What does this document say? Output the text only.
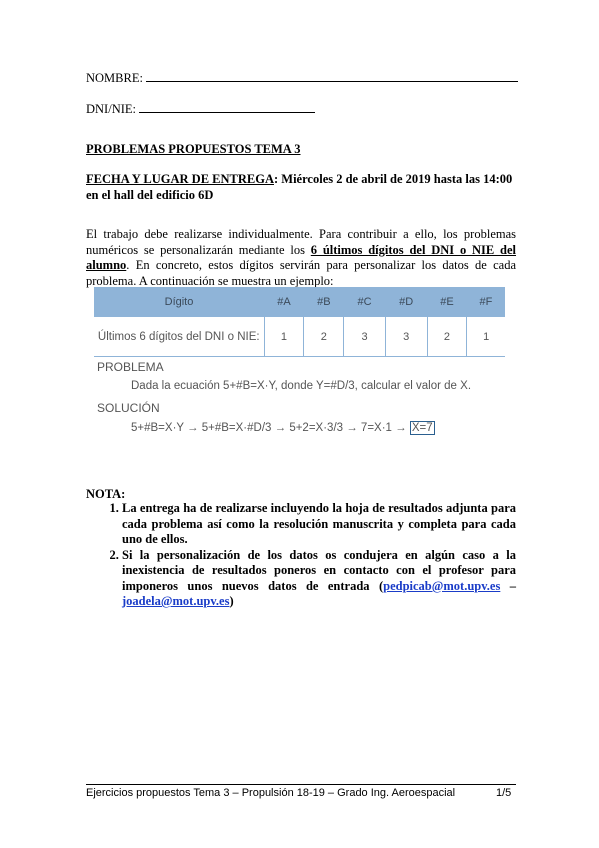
NOMBRE:
DNI/NIE:
PROBLEMAS PROPUESTOS TEMA 3
FECHA Y LUGAR DE ENTREGA: Miércoles 2 de abril de 2019 hasta las 14:00 en el hall del edificio 6D
El trabajo debe realizarse individualmente. Para contribuir a ello, los problemas numéricos se personalizarán mediante los 6 últimos dígitos del DNI o NIE del alumno. En concreto, estos dígitos servirán para personalizar los datos de cada problema. A continuación se muestra un ejemplo:
Dígito	#A	#B	#C	#D	#E	#F
Últimos 6 dígitos del DNI o NIE:	1	2	3	3	2	1
PROBLEMA
Dada la ecuación 5+#B=X·Y, donde Y=#D/3, calcular el valor de X.
SOLUCIÓN
5+#B=X·Y → 5+#B=X·#D/3 → 5+2=X·3/3 → 7=X·1 → X=7
NOTA:
1. La entrega ha de realizarse incluyendo la hoja de resultados adjunta para cada problema así como la resolución manuscrita y completa para cada uno de ellos.
2. Si la personalización de los datos os condujera en algún caso a la inexistencia de resultados poneros en contacto con el profesor para imponeros unos nuevos datos de entrada (pedpicab@mot.upv.es – joadela@mot.upv.es)
Ejercicios propuestos Tema 3 – Propulsión 18-19 – Grado Ing. Aeroespacial	1/5
